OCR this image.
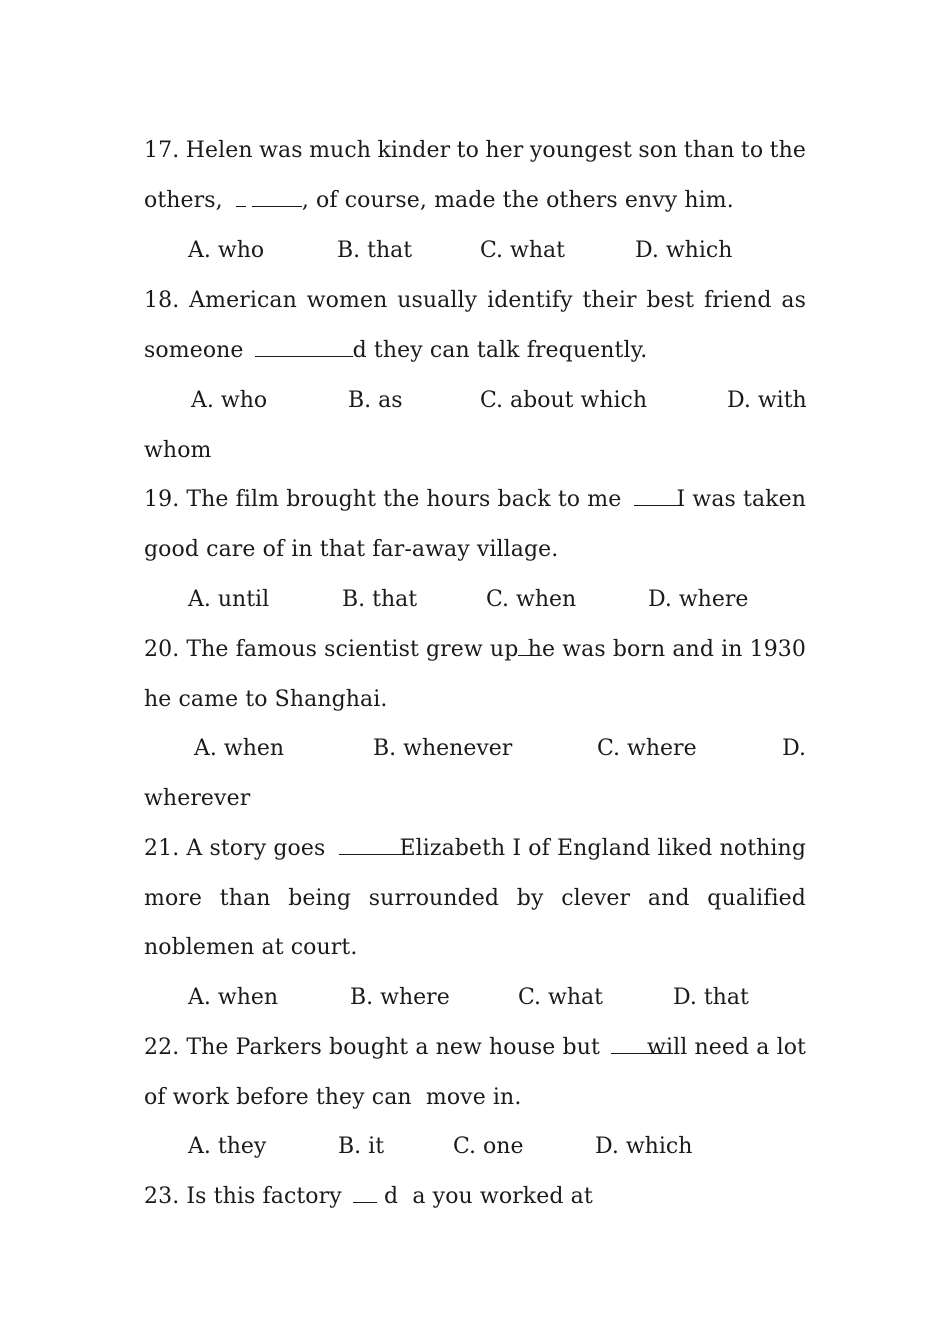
17. Helen was much kinder to her youngest son than to the
others,	, of course, made the others envy him.
A. who	B. that	C. what	D. which
18. American women usually identify their best friend as
someone	d they can talk frequently.
A. who	B. as	C. about which	D. with
whom
19. The film brought the hours back to me	I was taken
good care of in that far-away village.
A. until	B. that	C. when	D. where
20. The famous scientist grew up he was born and in 1930
he came to Shanghai.
A. when	B. whenever	C. where	D.
wherever
21. A story goes	Elizabeth I of England liked nothing
more than being surrounded by clever and qualified
noblemen at court.
A. when	B. where	C. what	D. that
22. The Parkers bought a new house but will need a lot
of work before they can  move in.
A. they	B. it	C. one	D. which
23. Is this factory d  a you worked at
